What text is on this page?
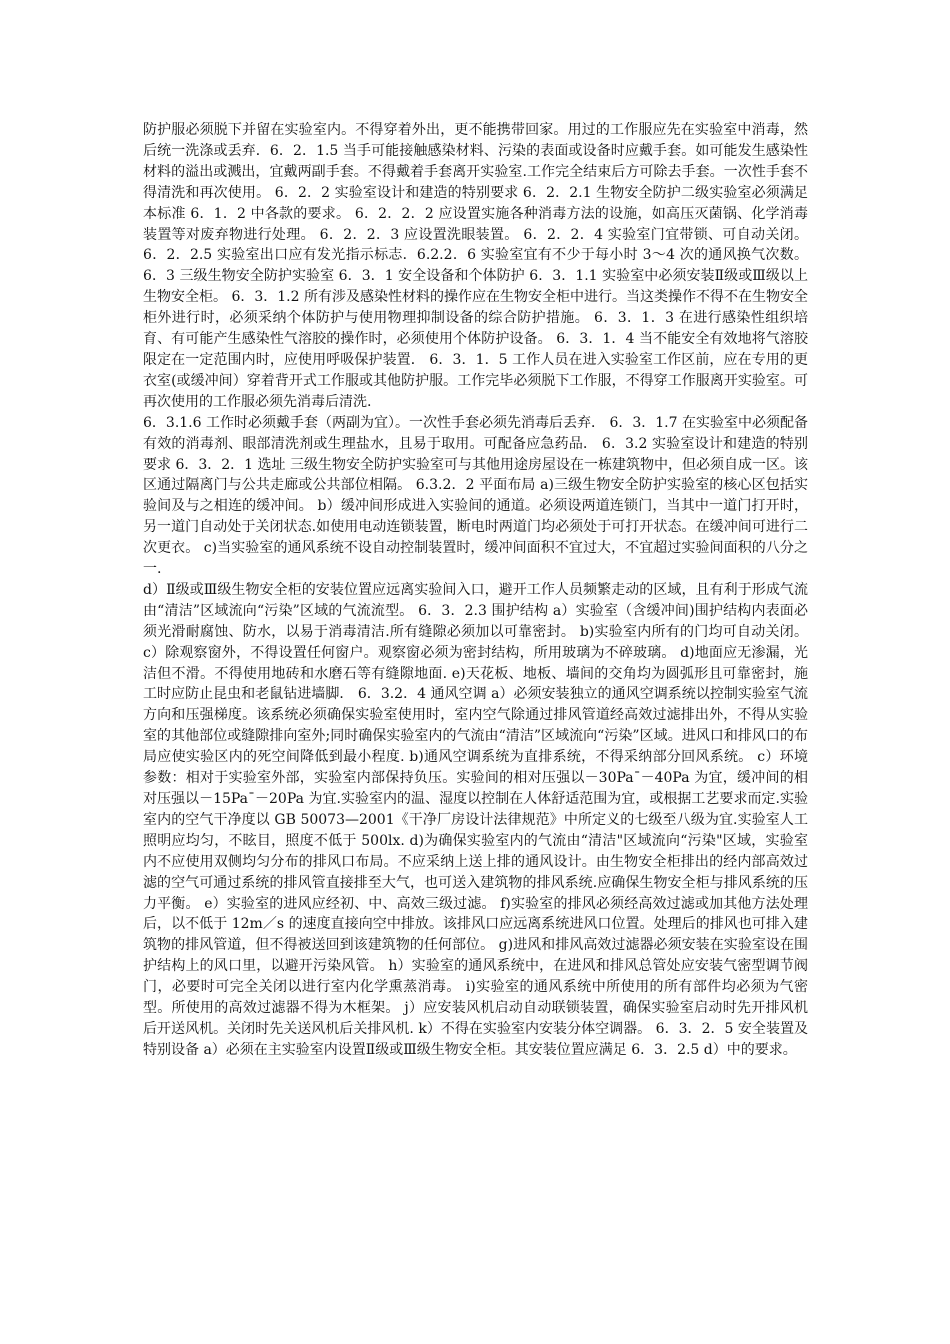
防护服必须脱下并留在实验室内。不得穿着外出，更不能携带回家。用过的工作服应先在实验室中消毒，然后统一洗涤或丢弃．6．2．1.5 当手可能接触感染材料、污染的表面或设备时应戴手套。如可能发生感染性材料的溢出或溅出，宜戴两副手套。不得戴着手套离开实验室.工作完全结束后方可除去手套。一次性手套不得清洗和再次使用。 6．2．2 实验室设计和建造的特别要求 6．2．2.1 生物安全防护二级实验室必须满足本标准 6．1．2 中各款的要求。 6．2．2．2 应设置实施各种消毒方法的设施，如高压灭菌锅、化学消毒装置等对废弃物进行处理。 6．2．2．3 应设置洗眼装置。 6．2．2．4 实验室门宜带锁、可自动关闭。 6．2．2.5 实验室出口应有发光指示标志．6.2.2．6 实验室宜有不少于每小时 3～4 次的通风换气次数。 6．3 三级生物安全防护实验室 6．3．1 安全设备和个体防护 6．3．1.1 实验室中必须安装Ⅱ级或Ⅲ级以上生物安全柜。 6．3．1.2 所有涉及感染性材料的操作应在生物安全柜中进行。当这类操作不得不在生物安全柜外进行时，必须采纳个体防护与使用物理抑制设备的综合防护措施。 6．3．1．3 在进行感染性组织培育、有可能产生感染性气溶胶的操作时，必须使用个体防护设备。 6．3．1．4 当不能安全有效地将气溶胶限定在一定范围内时，应使用呼吸保护装置． 6．3．1．5 工作人员在进入实验室工作区前，应在专用的更衣室(或缓冲间）穿着背开式工作服或其他防护服。工作完毕必须脱下工作服，不得穿工作服离开实验室。可再次使用的工作服必须先消毒后清洗.

6．3.1.6 工作时必须戴手套（两副为宜）。一次性手套必须先消毒后丢弃． 6．3．1.7 在实验室中必须配备有效的消毒剂、眼部清洗剂或生理盐水，且易于取用。可配备应急药品． 6．3.2 实验室设计和建造的特别要求 6．3．2．1 选址 三级生物安全防护实验室可与其他用途房屋设在一栋建筑物中，但必须自成一区。该区通过隔离门与公共走廊或公共部位相隔。 6.3.2．2 平面布局 a)三级生物安全防护实验室的核心区包括实验间及与之相连的缓冲间。 b）缓冲间形成进入实验间的通道。必须设两道连锁门，当其中一道门打开时，另一道门自动处于关闭状态.如使用电动连锁装置，断电时两道门均必须处于可打开状态。在缓冲间可进行二次更衣。 c)当实验室的通风系统不设自动控制装置时，缓冲间面积不宜过大，不宜超过实验间面积的八分之一.

d）Ⅱ级或Ⅲ级生物安全柜的安装位置应远离实验间入口，避开工作人员频繁走动的区域，且有利于形成气流由“清洁”区域流向“污染”区域的气流流型。 6．3．2.3 围护结构 a）实验室（含缓冲间)围护结构内表面必须光滑耐腐蚀、防水，以易于消毒清洁.所有缝隙必须加以可靠密封。 b)实验室内所有的门均可自动关闭。 c）除观察窗外，不得设置任何窗户。观察窗必须为密封结构，所用玻璃为不碎玻璃。 d)地面应无渗漏，光洁但不滑。不得使用地砖和水磨石等有缝隙地面. e)天花板、地板、墙间的交角均为圆弧形且可靠密封，施工时应防止昆虫和老鼠钻进墙脚． 6．3.2．4 通风空调 a）必须安装独立的通风空调系统以控制实验室气流方向和压强梯度。该系统必须确保实验室使用时，室内空气除通过排风管道经高效过滤排出外，不得从实验室的其他部位或缝隙排向室外;同时确保实验室内的气流由“清洁”区域流向“污染”区域。进风口和排风口的布局应使实验区内的死空间降低到最小程度. b)通风空调系统为直排系统，不得采纳部分回风系统。 c）环境参数：相对于实验室外部，实验室内部保持负压。实验间的相对压强以－30Pa¯－40Pa 为宜，缓冲间的相对压强以－15Pa¯－20Pa 为宜.实验室内的温、湿度以控制在人体舒适范围为宜，或根据工艺要求而定.实验室内的空气干净度以 GB 50073—2001《干净厂房设计法律规范》中所定义的七级至八级为宜.实验室人工照明应均匀，不眩目，照度不低于 500lx. d)为确保实验室内的气流由“清洁"区域流向“污染"区域，实验室内不应使用双侧均匀分布的排风口布局。不应采纳上送上排的通风设计。由生物安全柜排出的经内部高效过滤的空气可通过系统的排风管直接排至大气，也可送入建筑物的排风系统.应确保生物安全柜与排风系统的压力平衡。 e）实验室的进风应经初、中、高效三级过滤。 f)实验室的排风必须经高效过滤或加其他方法处理后，以不低于 12m／s 的速度直接向空中排放。该排风口应远离系统进风口位置。处理后的排风也可排入建筑物的排风管道，但不得被送回到该建筑物的任何部位。 g)进风和排风高效过滤器必须安装在实验室设在围护结构上的风口里，以避开污染风管。 h）实验室的通风系统中，在进风和排风总管处应安装气密型调节阀门，必要时可完全关闭以进行室内化学熏蒸消毒。 i)实验室的通风系统中所使用的所有部件均必须为气密型。所使用的高效过滤器不得为木框架。 j）应安装风机启动自动联锁装置，确保实验室启动时先开排风机后开送风机。关闭时先关送风机后关排风机. k）不得在实验室内安装分体空调器。 6．3．2．5 安全装置及特别设备 a）必须在主实验室内设置Ⅱ级或Ⅲ级生物安全柜。其安装位置应满足 6．3．2.5 d）中的要求。
